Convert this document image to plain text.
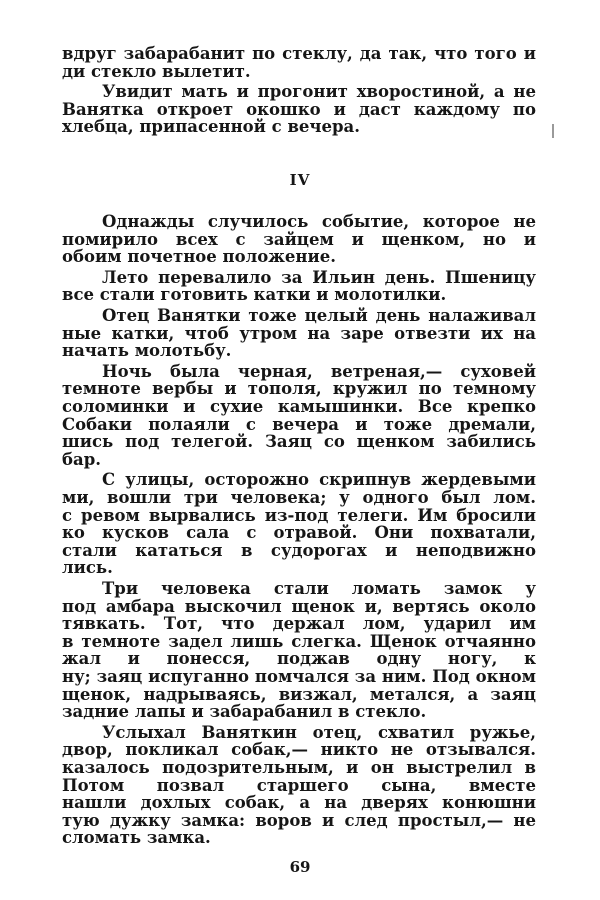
вдруг забарабанит по стеклу, да так, что того и
ди стекло вылетит.
Увидит мать и прогонит хворостиной, а не
Ванятка откроет окошко и даст каждому по
хлебца, припасенной с вечера.
IV
Однажды случилось событие, которое не
помирило всех с зайцем и щенком, но и
обоим почетное положение.
Лето перевалило за Ильин день. Пшеницу
все стали готовить катки и молотилки.
Отец Ванятки тоже целый день налаживал
ные катки, чтоб утром на заре отвезти их на
начать молотьбу.
Ночь была черная, ветреная,— суховей
темноте вербы и тополя, кружил по темному
соломинки и сухие камышинки. Все крепко
Собаки полаяли с вечера и тоже дремали,
шись под телегой. Заяц со щенком забились
бар.
С улицы, осторожно скрипнув жердевыми
ми, вошли три человека; у одного был лом.
с ревом вырвались из-под телеги. Им бросили
ко кусков сала с отравой. Они похватали,
стали кататься в судорогах и неподвижно
лись.
Три человека стали ломать замок у
под амбара выскочил щенок и, вертясь около
тявкать. Тот, что держал лом, ударил им
в темноте задел лишь слегка. Щенок отчаянно
жал и понесся, поджав одну ногу, к
ну; заяц испуганно помчался за ним. Под окном
щенок, надрываясь, визжал, метался, а заяц
задние лапы и забарабанил в стекло.
Услыхал Ваняткин отец, схватил ружье,
двор, покликал собак,— никто не отзывался.
казалось подозрительным, и он выстрелил в
Потом позвал старшего сына, вместе
нашли дохлых собак, а на дверях конюшни
тую дужку замка: воров и след простыл,— не
сломать замка.
69
